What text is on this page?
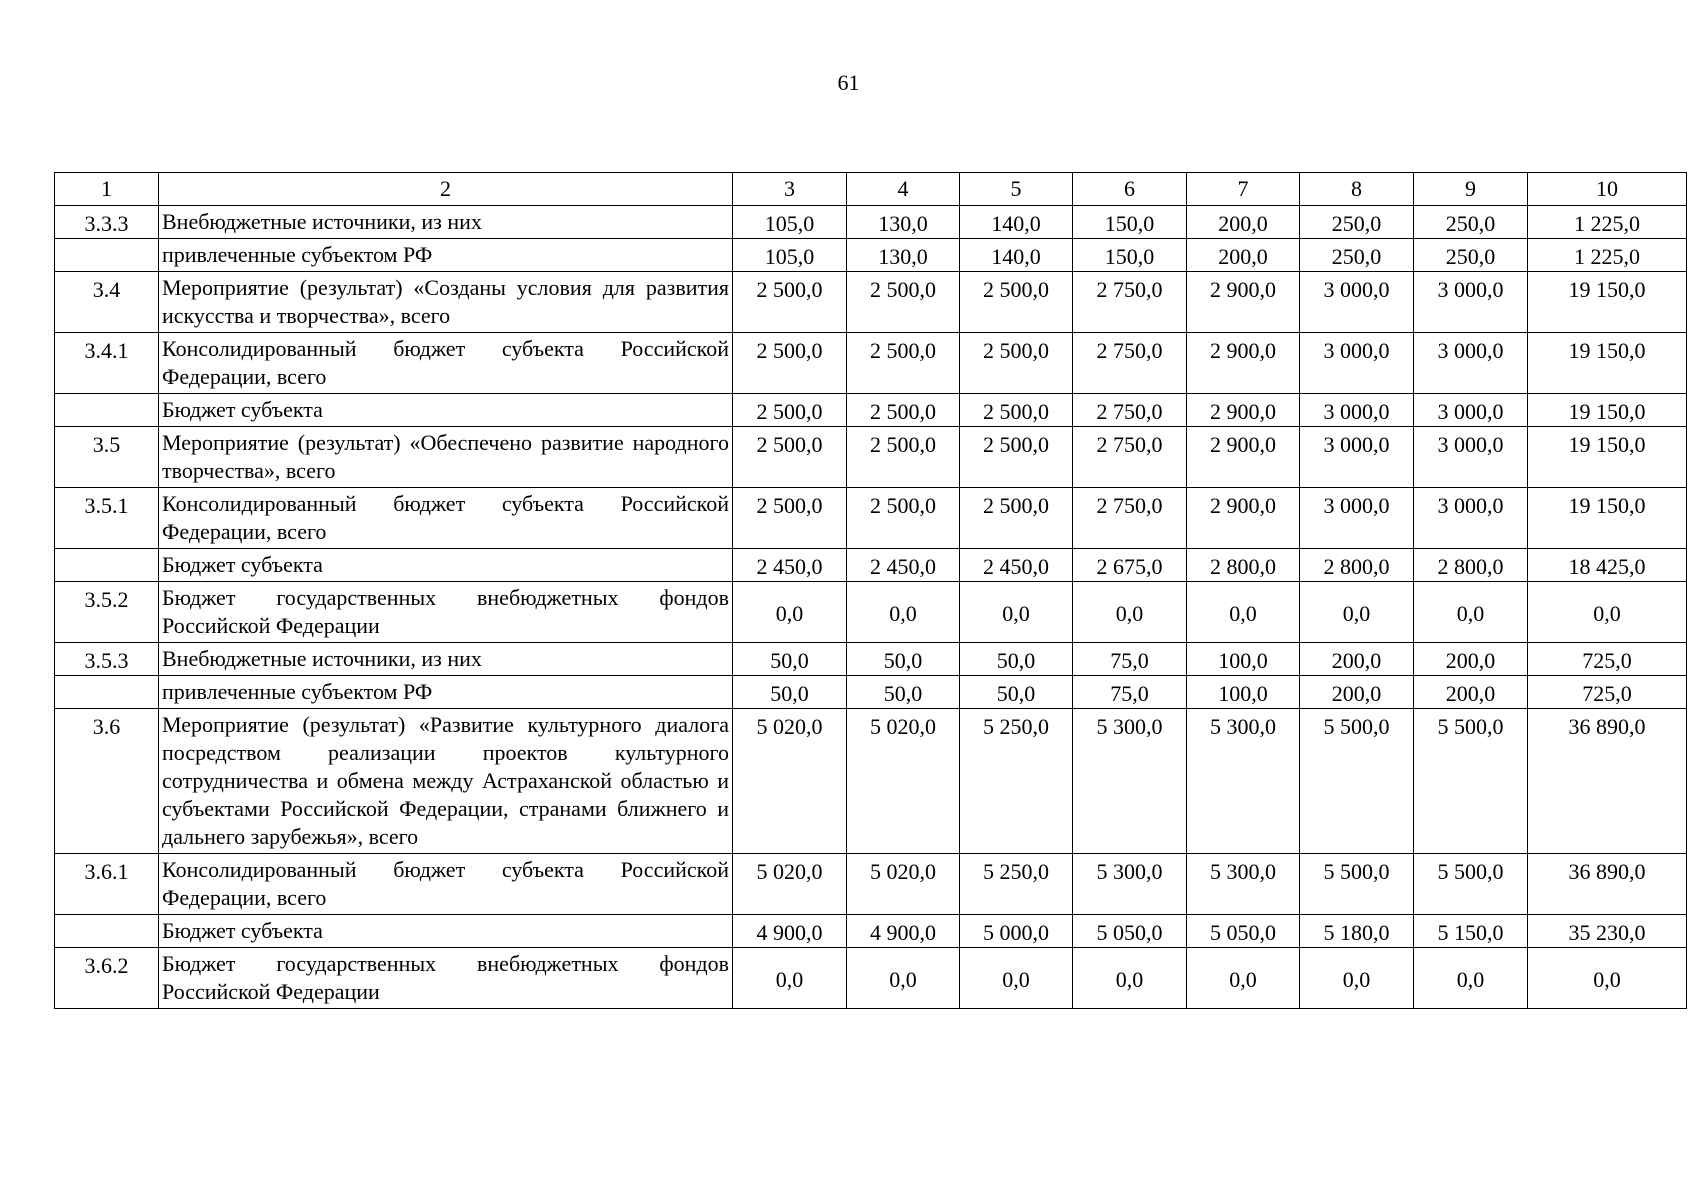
61
1	2	3	4	5	6	7	8	9	10
3.3.3	Внебюджетные источники, из них	105,0	130,0	140,0	150,0	200,0	250,0	250,0	1 225,0
	привлеченные субъектом РФ	105,0	130,0	140,0	150,0	200,0	250,0	250,0	1 225,0
3.4	Мероприятие (результат) «Созданы условия для развития искусства и творчества», всего	2 500,0	2 500,0	2 500,0	2 750,0	2 900,0	3 000,0	3 000,0	19 150,0
3.4.1	Консолидированный бюджет субъекта Российской Федерации, всего	2 500,0	2 500,0	2 500,0	2 750,0	2 900,0	3 000,0	3 000,0	19 150,0
	Бюджет субъекта	2 500,0	2 500,0	2 500,0	2 750,0	2 900,0	3 000,0	3 000,0	19 150,0
3.5	Мероприятие (результат) «Обеспечено развитие народного творчества», всего	2 500,0	2 500,0	2 500,0	2 750,0	2 900,0	3 000,0	3 000,0	19 150,0
3.5.1	Консолидированный бюджет субъекта Российской Федерации, всего	2 500,0	2 500,0	2 500,0	2 750,0	2 900,0	3 000,0	3 000,0	19 150,0
	Бюджет субъекта	2 450,0	2 450,0	2 450,0	2 675,0	2 800,0	2 800,0	2 800,0	18 425,0
3.5.2	Бюджет государственных внебюджетных фондов Российской Федерации	0,0	0,0	0,0	0,0	0,0	0,0	0,0	0,0
3.5.3	Внебюджетные источники, из них	50,0	50,0	50,0	75,0	100,0	200,0	200,0	725,0
	привлеченные субъектом РФ	50,0	50,0	50,0	75,0	100,0	200,0	200,0	725,0
3.6	Мероприятие (результат) «Развитие культурного диалога посредством реализации проектов культурного сотрудничества и обмена между Астраханской областью и субъектами Российской Федерации, странами ближнего и дальнего зарубежья», всего	5 020,0	5 020,0	5 250,0	5 300,0	5 300,0	5 500,0	5 500,0	36 890,0
3.6.1	Консолидированный бюджет субъекта Российской Федерации, всего	5 020,0	5 020,0	5 250,0	5 300,0	5 300,0	5 500,0	5 500,0	36 890,0
	Бюджет субъекта	4 900,0	4 900,0	5 000,0	5 050,0	5 050,0	5 180,0	5 150,0	35 230,0
3.6.2	Бюджет государственных внебюджетных фондов Российской Федерации	0,0	0,0	0,0	0,0	0,0	0,0	0,0	0,0
